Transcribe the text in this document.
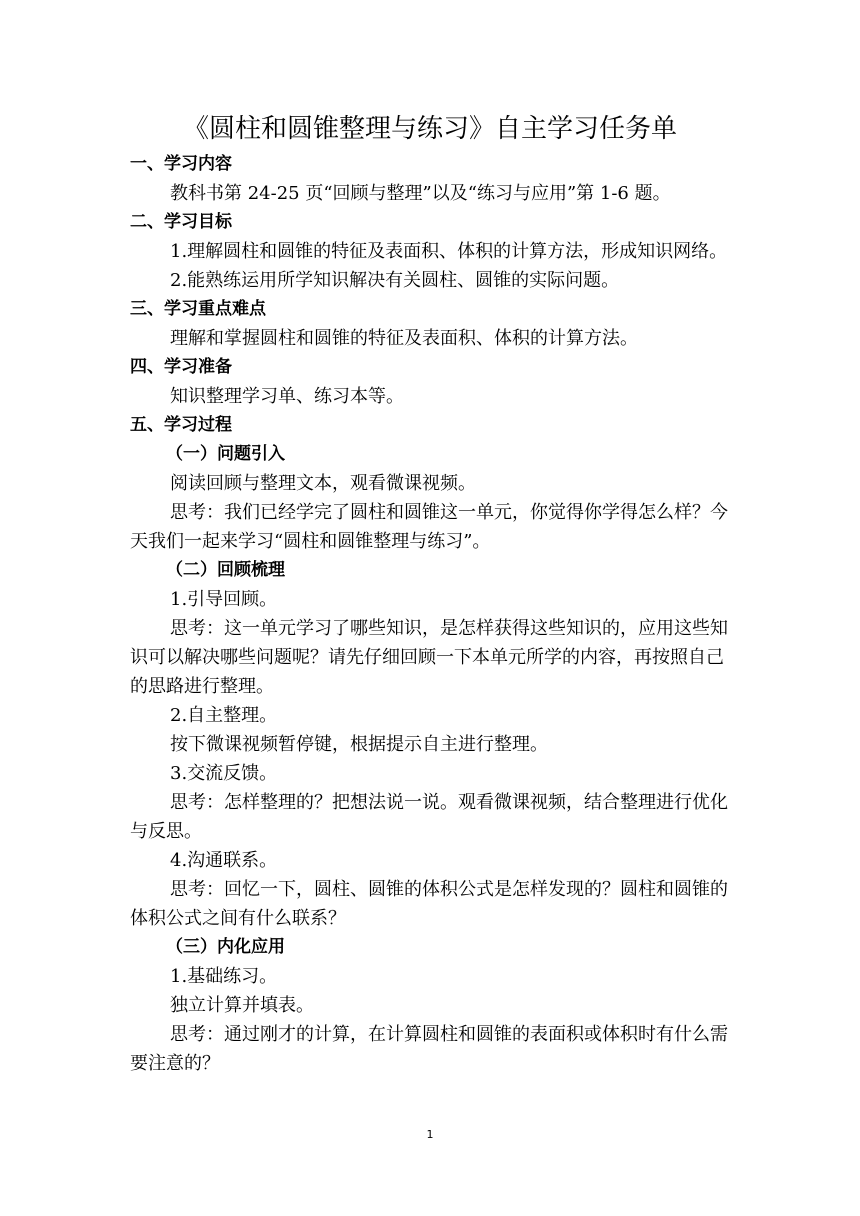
《圆柱和圆锥整理与练习》自主学习任务单

一、学习内容

教科书第 24-25 页“回顾与整理”以及“练习与应用”第 1-6 题。

二、学习目标

1.理解圆柱和圆锥的特征及表面积、体积的计算方法，形成知识网络。

2.能熟练运用所学知识解决有关圆柱、圆锥的实际问题。

三、学习重点难点

理解和掌握圆柱和圆锥的特征及表面积、体积的计算方法。

四、学习准备

知识整理学习单、练习本等。

五、学习过程

（一）问题引入

阅读回顾与整理文本，观看微课视频。

思考：我们已经学完了圆柱和圆锥这一单元，你觉得你学得怎么样？今天我们一起来学习“圆柱和圆锥整理与练习”。

（二）回顾梳理

1.引导回顾。

思考：这一单元学习了哪些知识，是怎样获得这些知识的，应用这些知识可以解决哪些问题呢？请先仔细回顾一下本单元所学的内容，再按照自己的思路进行整理。

2.自主整理。

按下微课视频暂停键，根据提示自主进行整理。

3.交流反馈。

思考：怎样整理的？把想法说一说。观看微课视频，结合整理进行优化与反思。

4.沟通联系。

思考：回忆一下，圆柱、圆锥的体积公式是怎样发现的？圆柱和圆锥的体积公式之间有什么联系？

（三）内化应用

1.基础练习。

独立计算并填表。

思考：通过刚才的计算，在计算圆柱和圆锥的表面积或体积时有什么需要注意的？

1
